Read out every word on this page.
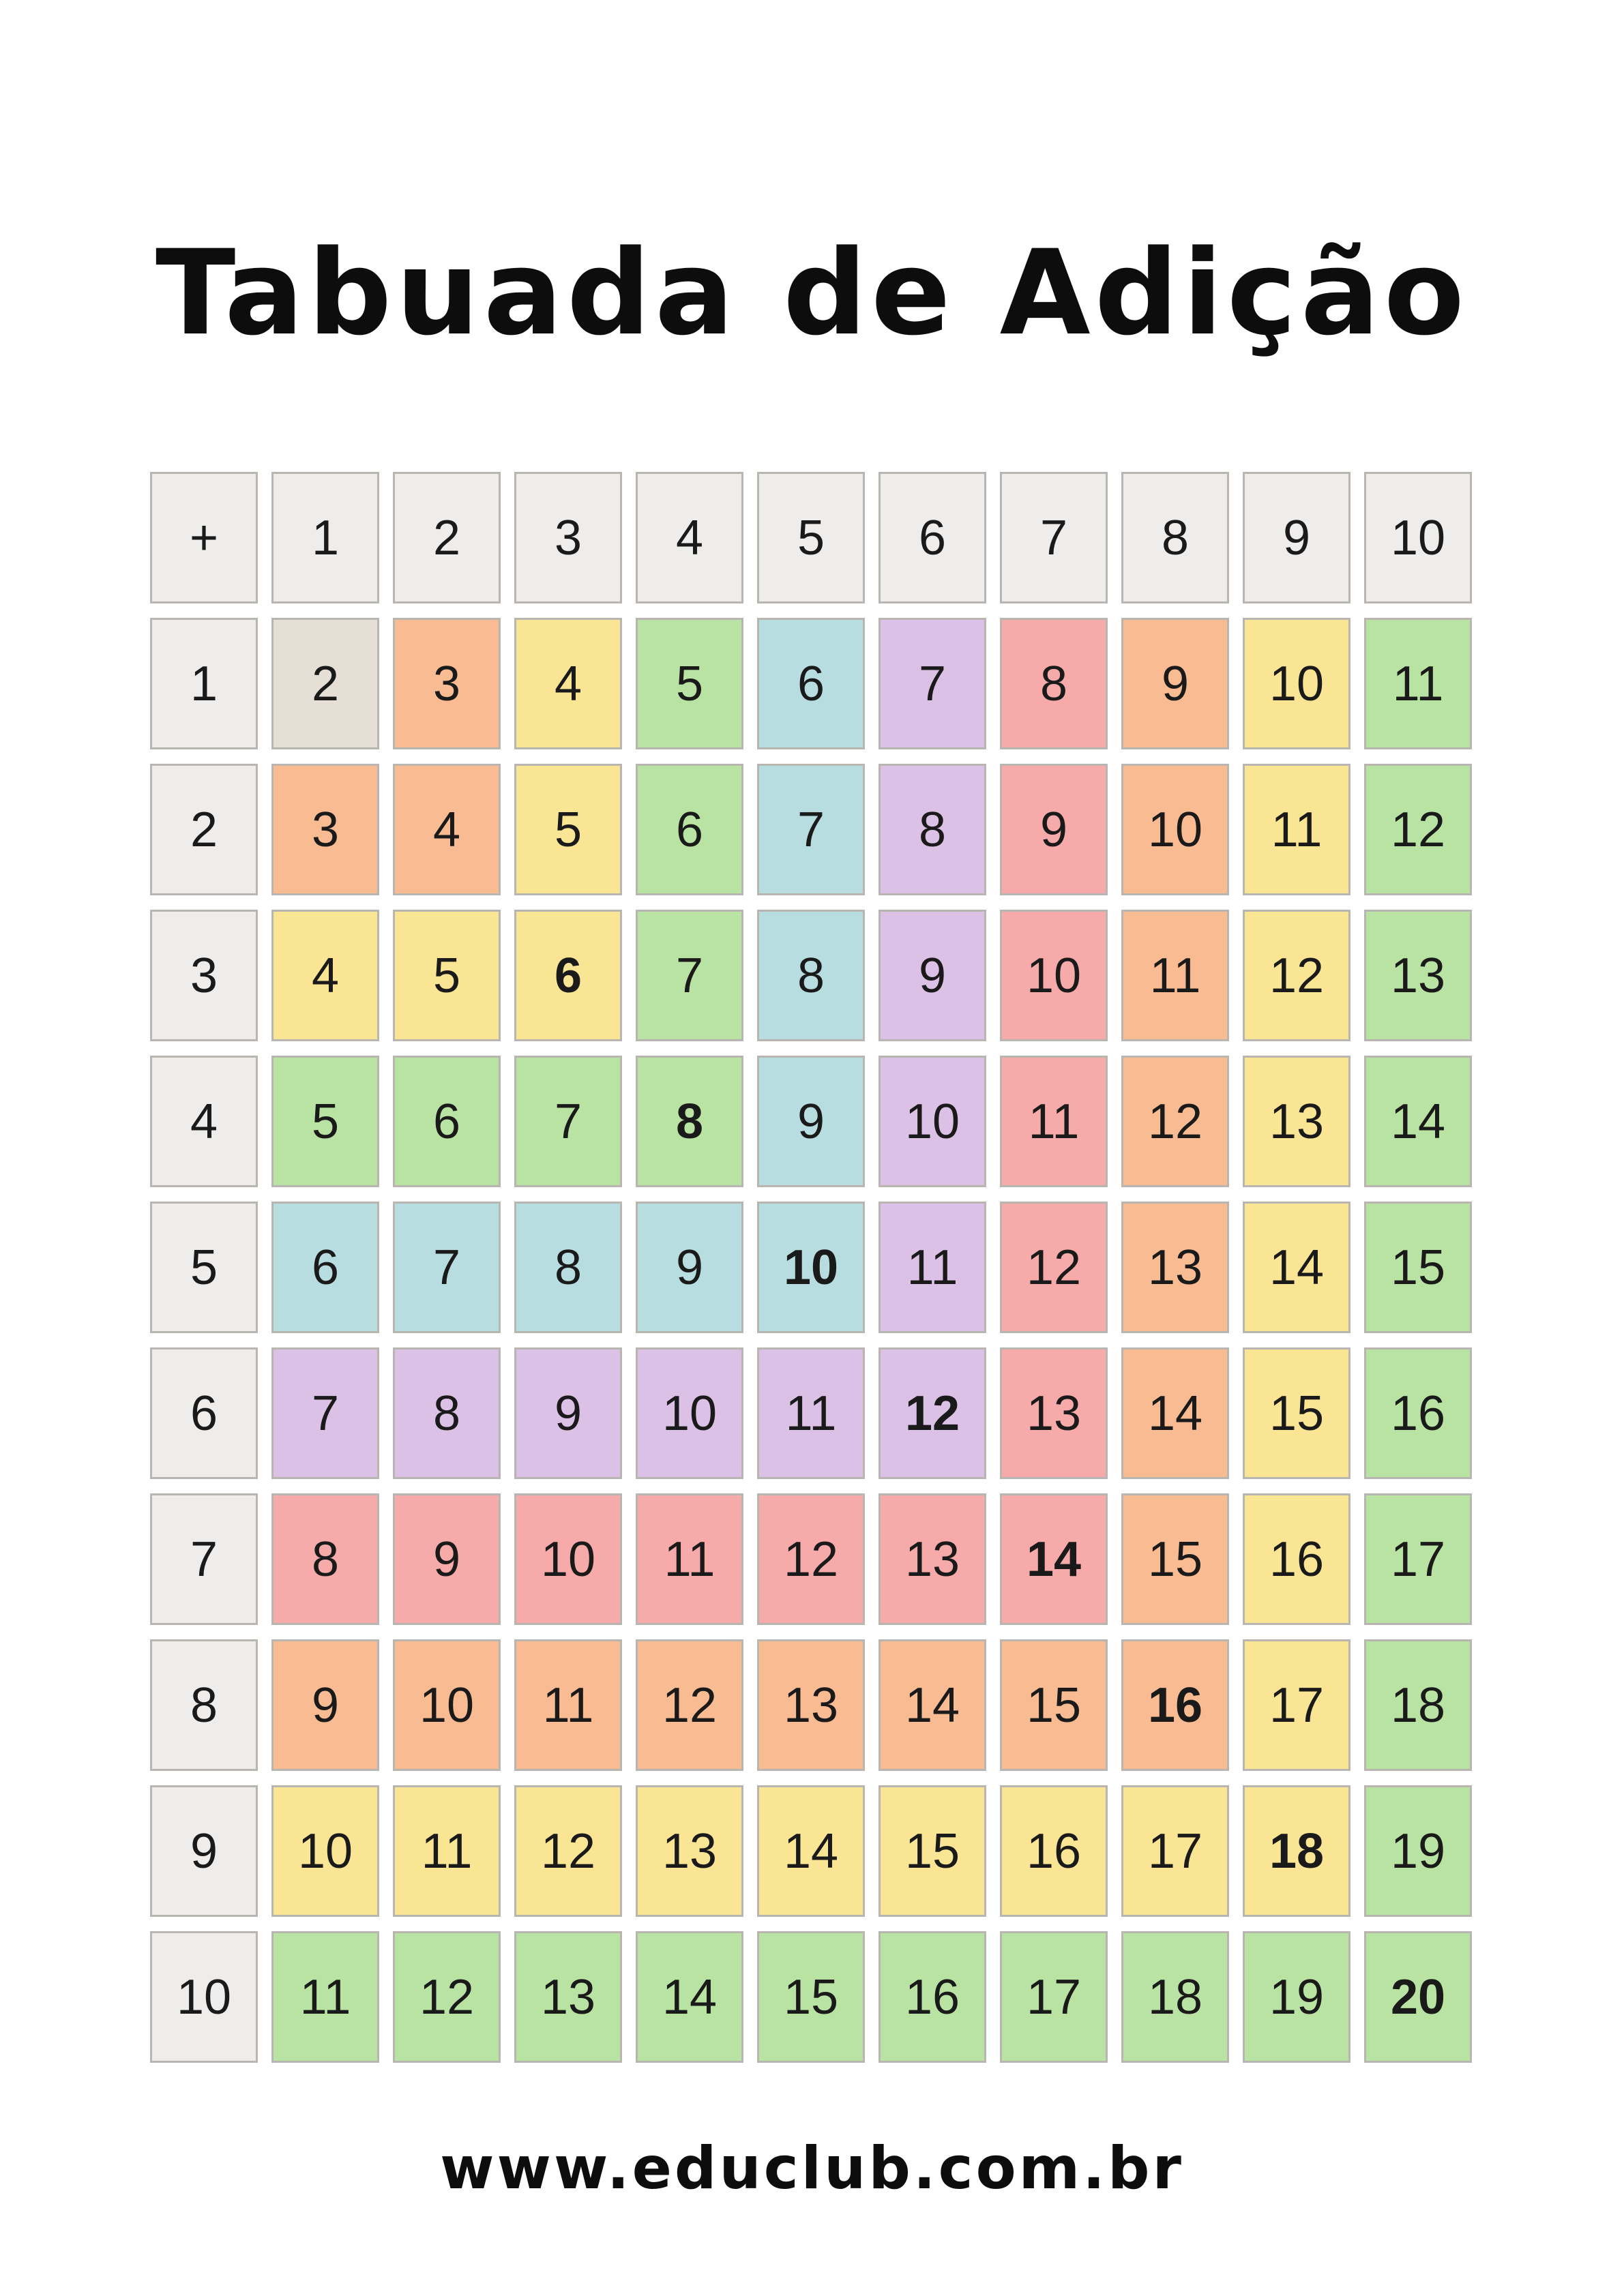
Tabuada de Adição
+	1	2	3	4	5	6	7	8	9	10
1	2	3	4	5	6	7	8	9	10	11
2	3	4	5	6	7	8	9	10	11	12
3	4	5	6	7	8	9	10	11	12	13
4	5	6	7	8	9	10	11	12	13	14
5	6	7	8	9	10	11	12	13	14	15
6	7	8	9	10	11	12	13	14	15	16
7	8	9	10	11	12	13	14	15	16	17
8	9	10	11	12	13	14	15	16	17	18
9	10	11	12	13	14	15	16	17	18	19
10	11	12	13	14	15	16	17	18	19	20
www.educlub.com.br
